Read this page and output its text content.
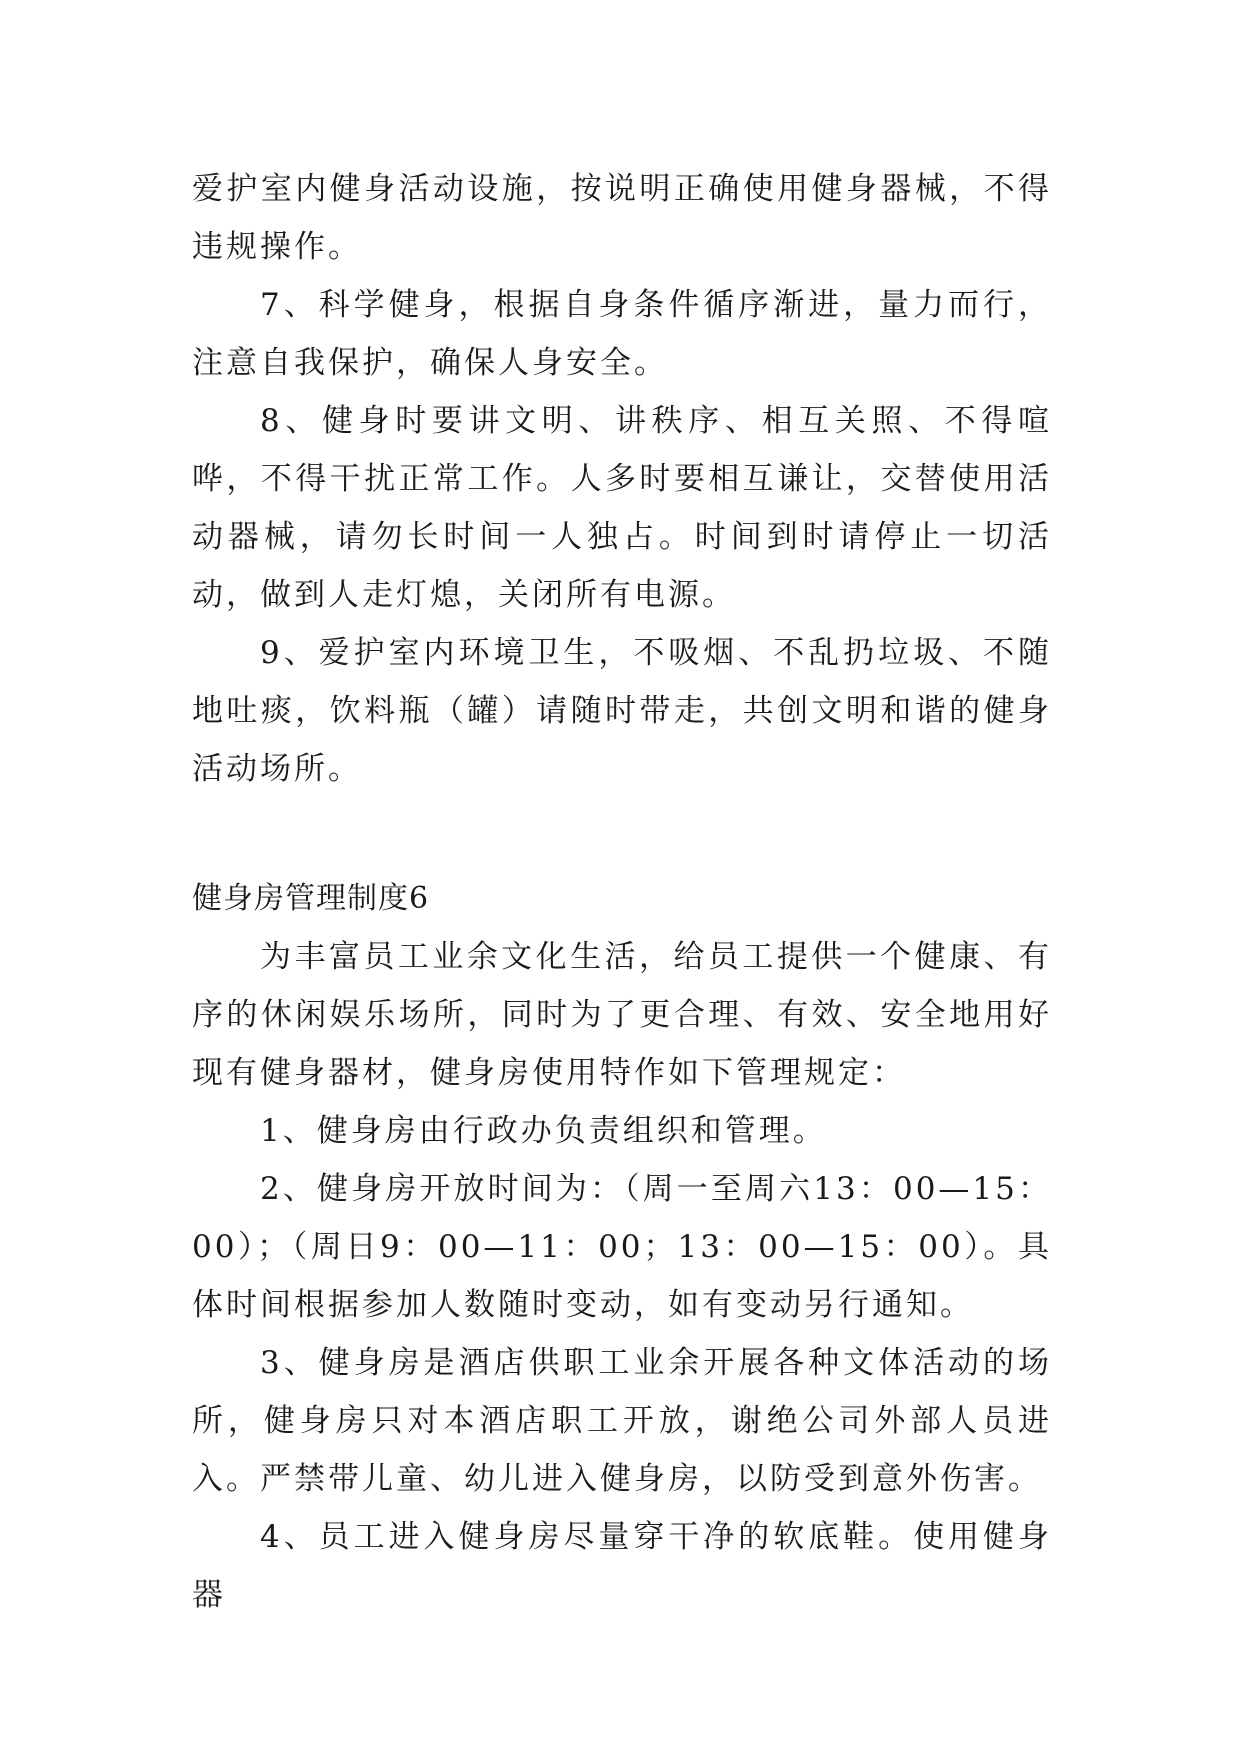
爱护室内健身活动设施，按说明正确使用健身器械，不得违规操作。

7、科学健身，根据自身条件循序渐进，量力而行，注意自我保护，确保人身安全。

8、健身时要讲文明、讲秩序、相互关照、不得喧哗，不得干扰正常工作。人多时要相互谦让，交替使用活动器械，请勿长时间一人独占。时间到时请停止一切活动，做到人走灯熄，关闭所有电源。

9、爱护室内环境卫生，不吸烟、不乱扔垃圾、不随地吐痰，饮料瓶（罐）请随时带走，共创文明和谐的健身活动场所。

健身房管理制度6

为丰富员工业余文化生活，给员工提供一个健康、有序的休闲娱乐场所，同时为了更合理、有效、安全地用好现有健身器材，健身房使用特作如下管理规定：

1、健身房由行政办负责组织和管理。

2、健身房开放时间为：（周一至周六13：00—15：00）；（周日9：00—11：00；13：00—15：00）。具体时间根据参加人数随时变动，如有变动另行通知。

3、健身房是酒店供职工业余开展各种文体活动的场所，健身房只对本酒店职工开放，谢绝公司外部人员进入。严禁带儿童、幼儿进入健身房，以防受到意外伤害。

4、员工进入健身房尽量穿干净的软底鞋。使用健身器
